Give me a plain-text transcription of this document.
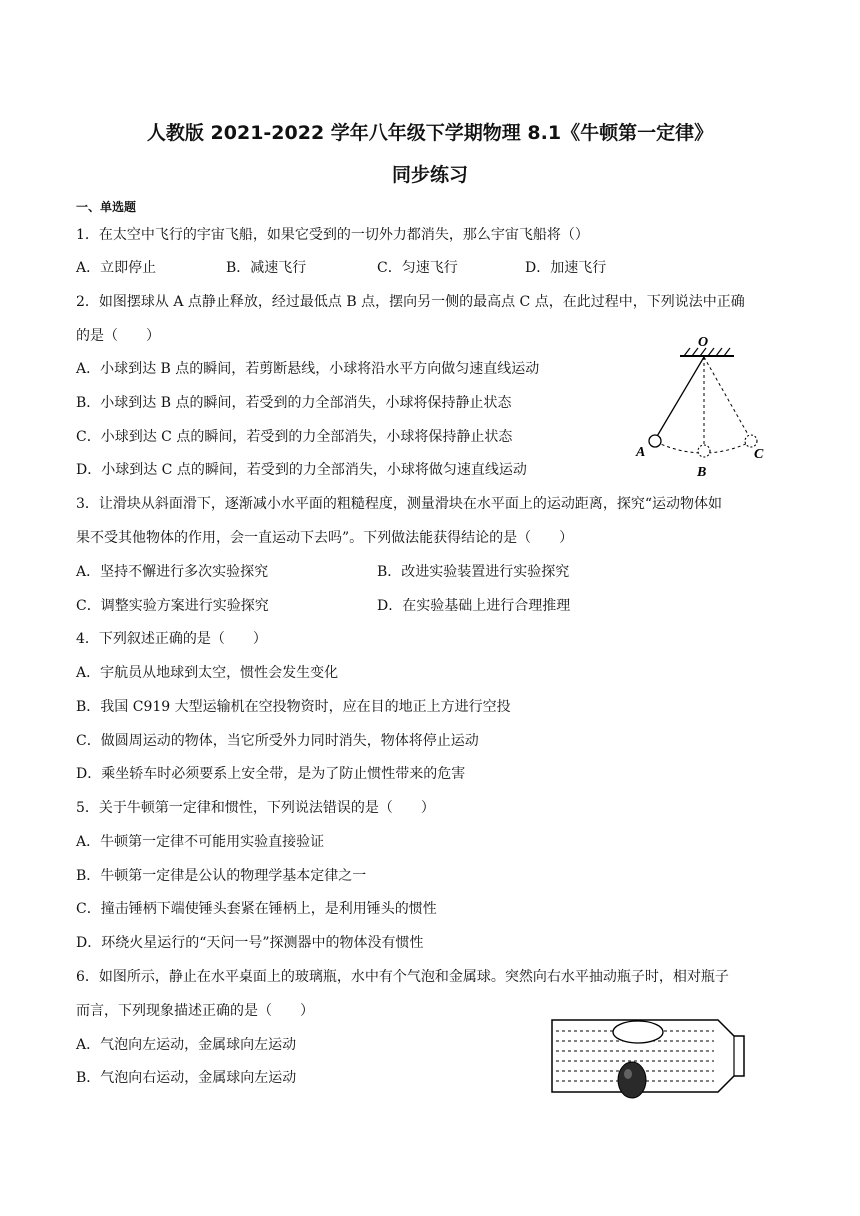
人教版 2021-2022 学年八年级下学期物理 8.1《牛顿第一定律》
同步练习
一、单选题
1．在太空中飞行的宇宙飞船，如果它受到的一切外力都消失，那么宇宙飞船将（）
A．立即停止	B．减速飞行	C．匀速飞行	D．加速飞行
2．如图摆球从 A 点静止释放，经过最低点 B 点，摆向另一侧的最高点 C 点，在此过程中，下列说法中正确
的是（　　）
A．小球到达 B 点的瞬间，若剪断悬线，小球将沿水平方向做匀速直线运动
B．小球到达 B 点的瞬间，若受到的力全部消失，小球将保持静止状态
C．小球到达 C 点的瞬间，若受到的力全部消失，小球将保持静止状态
D．小球到达 C 点的瞬间，若受到的力全部消失，小球将做匀速直线运动
O
A
B
C
3．让滑块从斜面滑下，逐渐减小水平面的粗糙程度，测量滑块在水平面上的运动距离，探究“运动物体如
果不受其他物体的作用，会一直运动下去吗”。下列做法能获得结论的是（　　）
A．坚持不懈进行多次实验探究	B．改进实验装置进行实验探究
C．调整实验方案进行实验探究	D．在实验基础上进行合理推理
4．下列叙述正确的是（　　）
A．宇航员从地球到太空，惯性会发生变化
B．我国 C919 大型运输机在空投物资时，应在目的地正上方进行空投
C．做圆周运动的物体，当它所受外力同时消失，物体将停止运动
D．乘坐轿车时必须要系上安全带，是为了防止惯性带来的危害
5．关于牛顿第一定律和惯性，下列说法错误的是（　　）
A．牛顿第一定律不可能用实验直接验证
B．牛顿第一定律是公认的物理学基本定律之一
C．撞击锤柄下端使锤头套紧在锤柄上，是利用锤头的惯性
D．环绕火星运行的“天问一号”探测器中的物体没有惯性
6．如图所示，静止在水平桌面上的玻璃瓶，水中有个气泡和金属球。突然向右水平抽动瓶子时，相对瓶子
而言，下列现象描述正确的是（　　）
A．气泡向左运动，金属球向左运动
B．气泡向右运动，金属球向左运动
